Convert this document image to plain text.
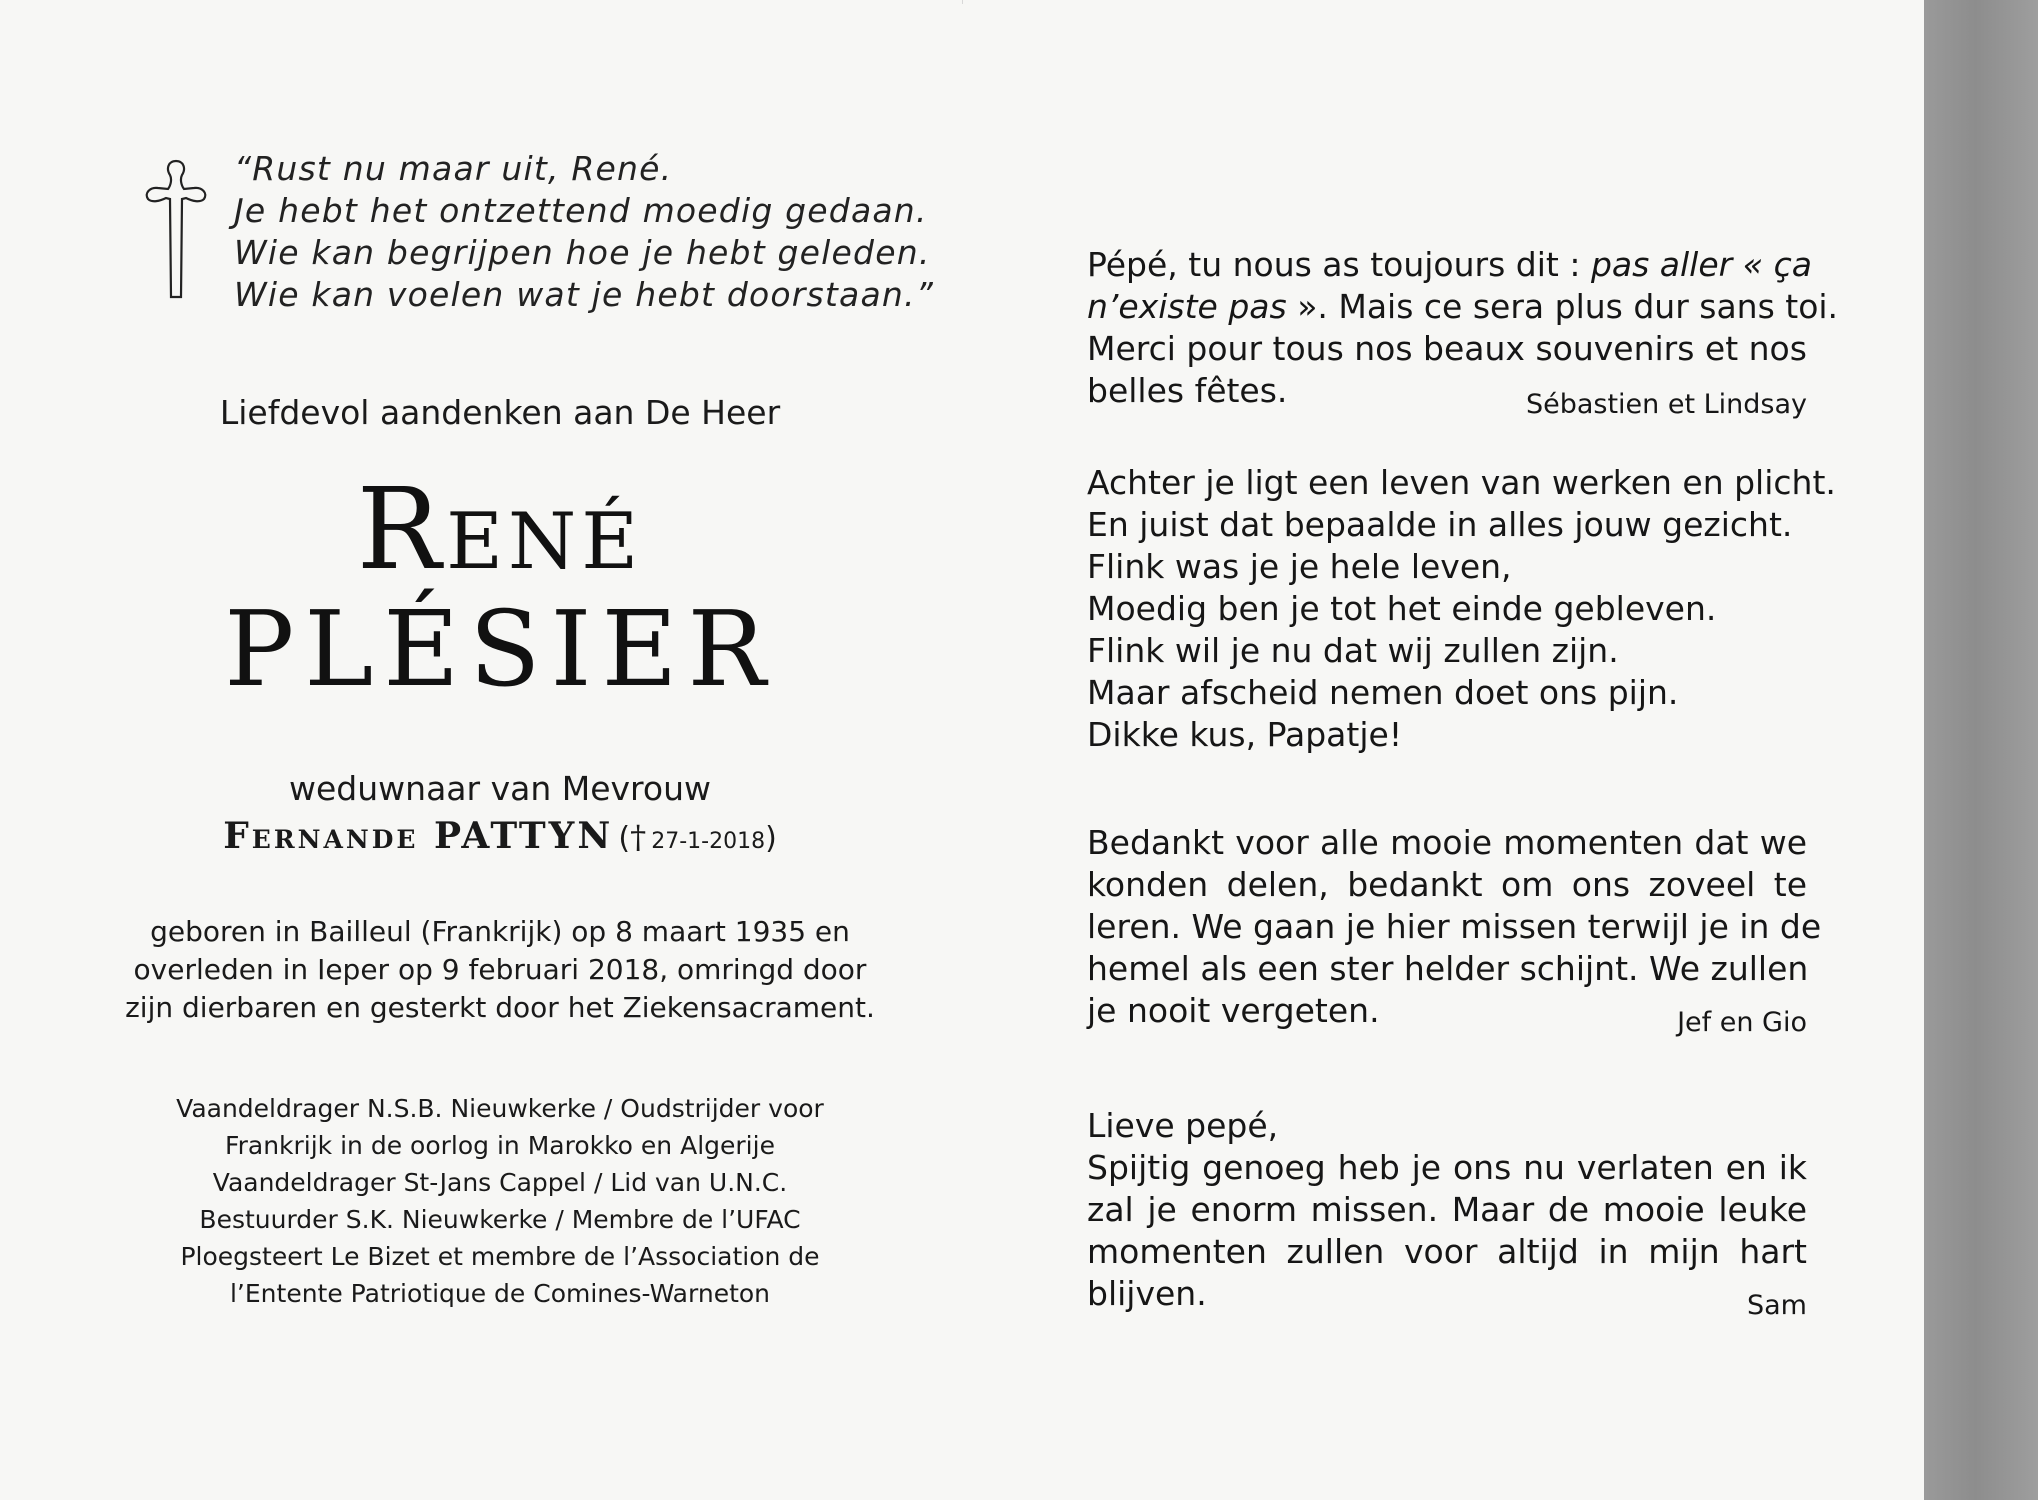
“Rust nu maar uit, René.
Je hebt het ontzettend moedig gedaan.
Wie kan begrijpen hoe je hebt geleden.
Wie kan voelen wat je hebt doorstaan.”
Liefdevol aandenken aan De Heer
René
PLÉSIER
weduwnaar van Mevrouw
Fernande PATTYN († 27-1-2018)
geboren in Bailleul (Frankrijk) op 8 maart 1935 en
overleden in Ieper op 9 februari 2018, omringd door
zijn dierbaren en gesterkt door het Ziekensacrament.
Vaandeldrager N.S.B. Nieuwkerke / Oudstrijder voor
Frankrijk in de oorlog in Marokko en Algerije
Vaandeldrager St-Jans Cappel / Lid van U.N.C.
Bestuurder S.K. Nieuwkerke / Membre de l’UFAC
Ploegsteert Le Bizet et membre de l’Association de
l’Entente Patriotique de Comines-Warneton
Pépé, tu nous as toujours dit : pas aller « ça
n’existe pas ». Mais ce sera plus dur sans toi.
Merci pour tous nos beaux souvenirs et nos
belles fêtes.	Sébastien et Lindsay
Achter je ligt een leven van werken en plicht.
En juist dat bepaalde in alles jouw gezicht.
Flink was je je hele leven,
Moedig ben je tot het einde gebleven.
Flink wil je nu dat wij zullen zijn.
Maar afscheid nemen doet ons pijn.
Dikke kus, Papatje!
Bedankt voor alle mooie momenten dat we
konden delen, bedankt om ons zoveel te
leren. We gaan je hier missen terwijl je in de
hemel als een ster helder schijnt. We zullen
je nooit vergeten.	Jef en Gio
Lieve pepé,
Spijtig genoeg heb je ons nu verlaten en ik
zal je enorm missen. Maar de mooie leuke
momenten zullen voor altijd in mijn hart
blijven.	Sam
